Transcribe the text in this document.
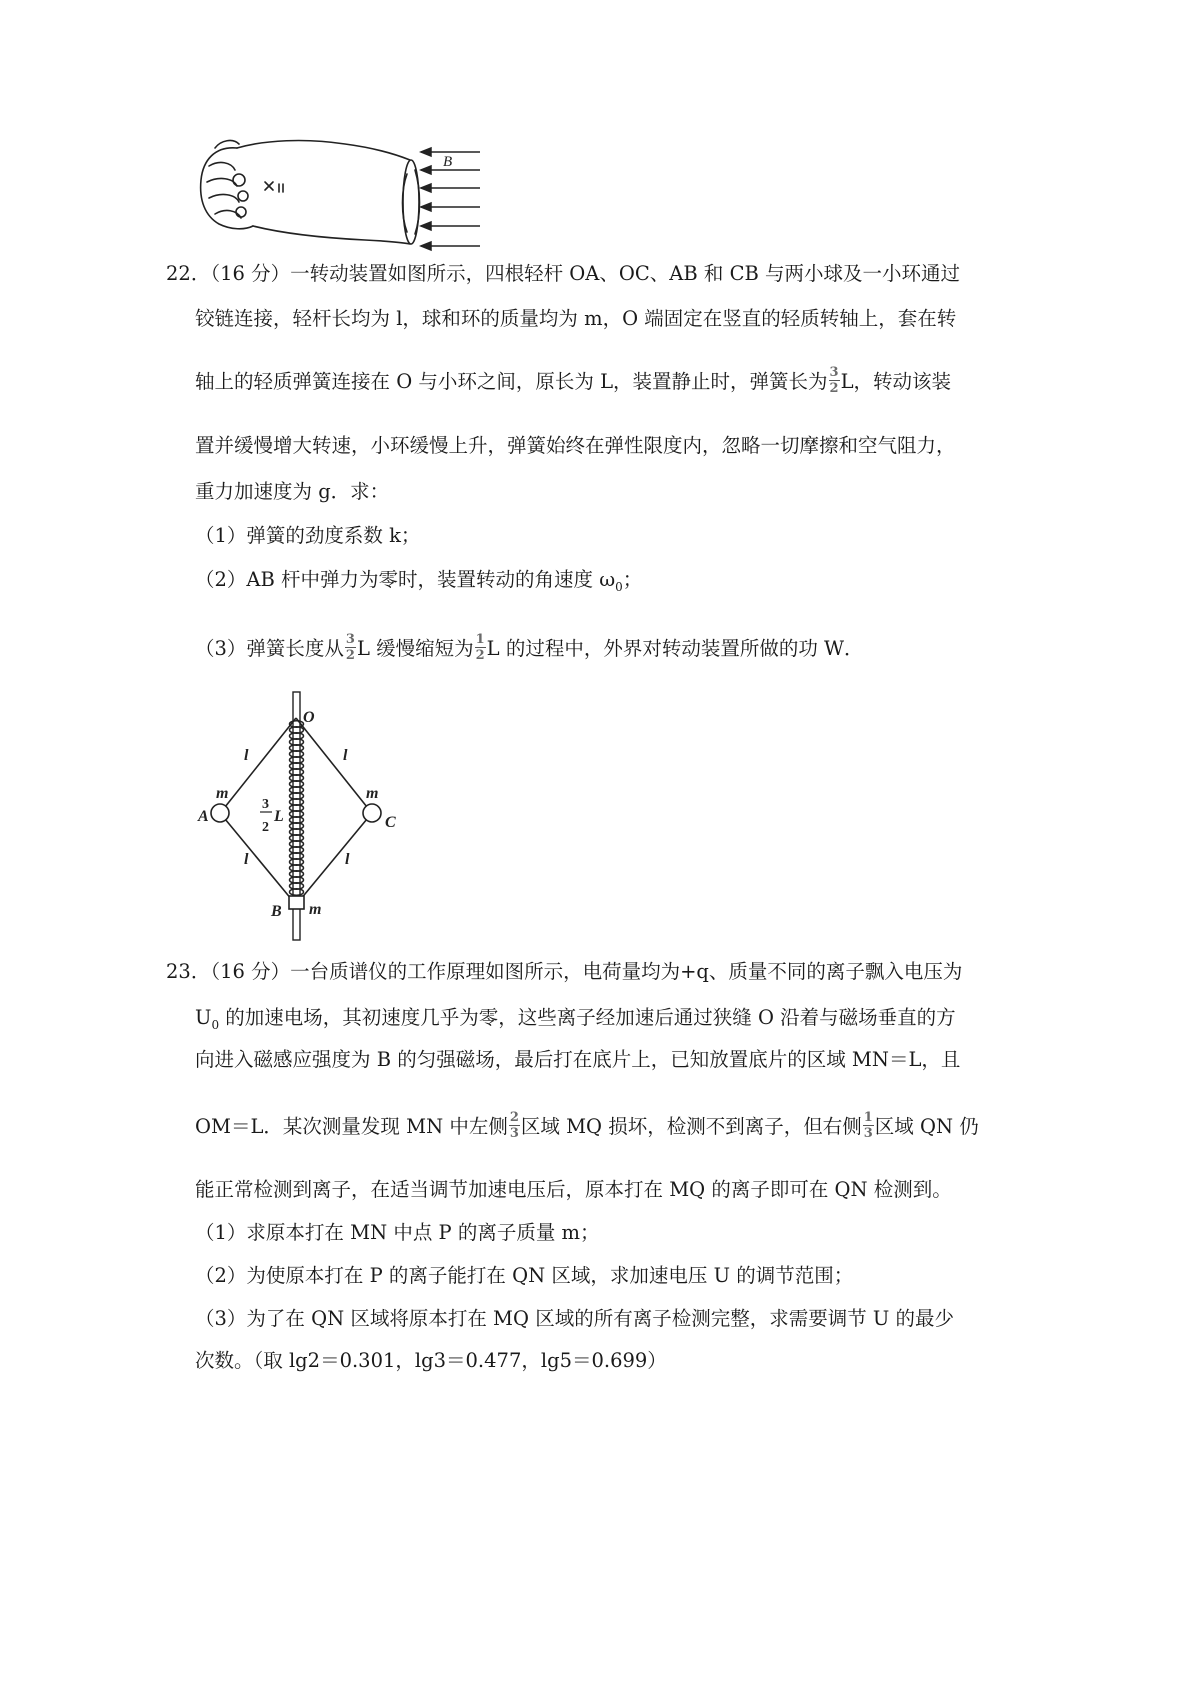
B
22．（16 分）一转动装置如图所示，四根轻杆 OA、OC、AB 和 CB 与两小球及一小环通过
铰链连接，轻杆长均为 l，球和环的质量均为 m，O 端固定在竖直的轻质转轴上，套在转
轴上的轻质弹簧连接在 O 与小环之间，原长为 L，装置静止时，弹簧长为 $\frac{3}{2}$ L，转动该装
置并缓慢增大转速，小环缓慢上升，弹簧始终在弹性限度内，忽略一切摩擦和空气阻力，
重力加速度为 g．求：
（1）弹簧的劲度系数 k；
（2）AB 杆中弹力为零时，装置转动的角速度 $\omega_0$；
（3）弹簧长度从 $\frac{3}{2}$ L 缓慢缩短为 $\frac{1}{2}$ L 的过程中，外界对转动装置所做的功 W．
O
l	l
m	m
A	C
l	l
B m
3
2
L
23．（16 分）一台质谱仪的工作原理如图所示，电荷量均为+q、质量不同的离子飘入电压为
$U_0$ 的加速电场，其初速度几乎为零，这些离子经加速后通过狭缝 O 沿着与磁场垂直的方
向进入磁感应强度为 B 的匀强磁场，最后打在底片上，已知放置底片的区域 MN＝L，且
OM＝L．某次测量发现 MN 中左侧 $\frac{2}{3}$ 区域 MQ 损坏，检测不到离子，但右侧 $\frac{1}{3}$ 区域 QN 仍
能正常检测到离子，在适当调节加速电压后，原本打在 MQ 的离子即可在 QN 检测到。
（1）求原本打在 MN 中点 P 的离子质量 m；
（2）为使原本打在 P 的离子能打在 QN 区域，求加速电压 U 的调节范围；
（3）为了在 QN 区域将原本打在 MQ 区域的所有离子检测完整，求需要调节 U 的最少
次数。（取 lg2＝0.301，lg3＝0.477，lg5＝0.699）
